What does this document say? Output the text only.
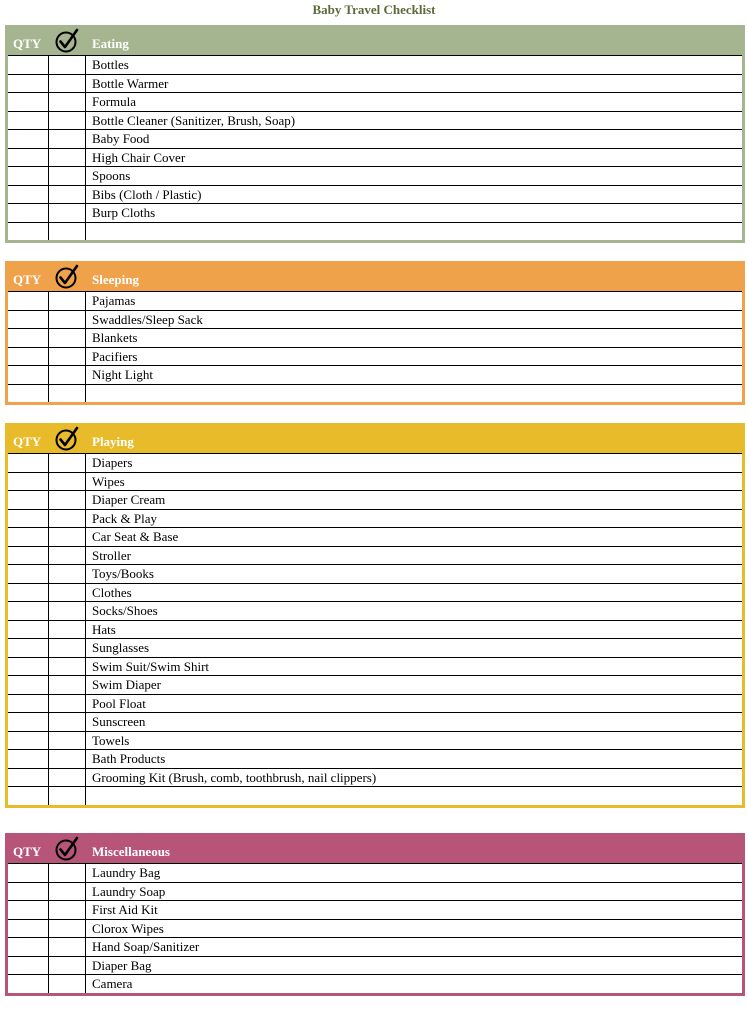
Baby Travel Checklist
QTY	Eating
Bottles
Bottle Warmer
Formula
Bottle Cleaner (Sanitizer, Brush, Soap)
Baby Food
High Chair Cover
Spoons
Bibs (Cloth / Plastic)
Burp Cloths
QTY	Sleeping
Pajamas
Swaddles/Sleep Sack
Blankets
Pacifiers
Night Light
QTY	Playing
Diapers
Wipes
Diaper Cream
Pack & Play
Car Seat & Base
Stroller
Toys/Books
Clothes
Socks/Shoes
Hats
Sunglasses
Swim Suit/Swim Shirt
Swim Diaper
Pool Float
Sunscreen
Towels
Bath Products
Grooming Kit (Brush, comb, toothbrush, nail clippers)
QTY	Miscellaneous
Laundry Bag
Laundry Soap
First Aid Kit
Clorox Wipes
Hand Soap/Sanitizer
Diaper Bag
Camera
